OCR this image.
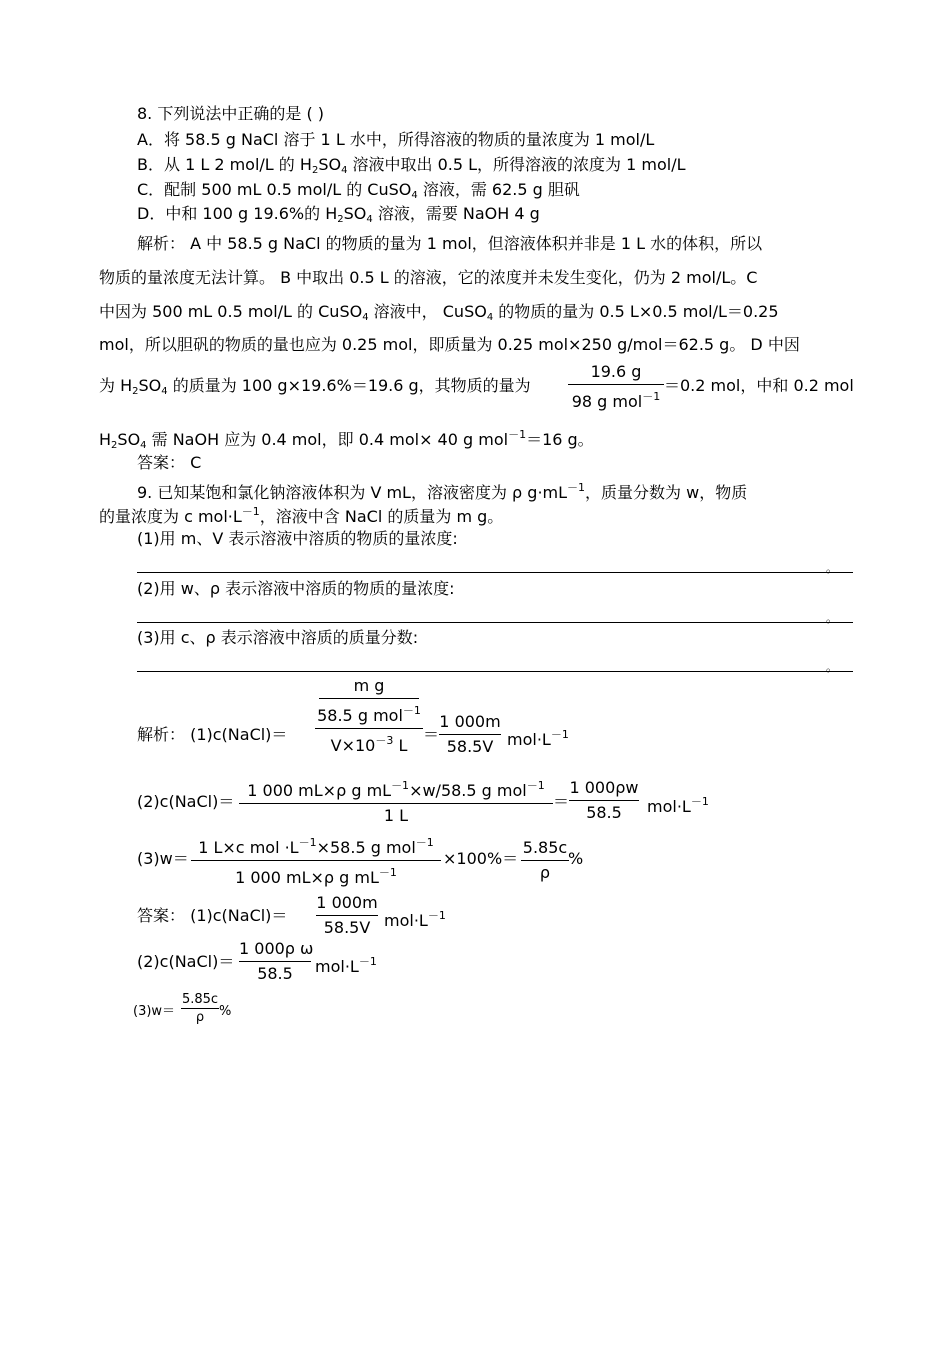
8. 下列说法中正确的是 ( )
A．将 58.5 g NaCl 溶于 1 L 水中，所得溶液的物质的量浓度为 1 mol/L
B．从 1 L 2 mol/L 的 $H_2SO_4$ 溶液中取出 0.5 L，所得溶液的浓度为 1 mol/L
C．配制 500 mL 0.5 mol/L 的 CuSO$_4$ 溶液，需 62.5 g 胆矾
D．中和 100 g 19.6%的 $H_2SO_4$ 溶液，需要 NaOH 4 g
解析： A 中 58.5 g NaCl 的物质的量为 1 mol，但溶液体积并非是 1 L 水的体积，所以
物质的量浓度无法计算。 B 中取出 0.5 L 的溶液，它的浓度并未发生变化，仍为 2 mol/L。C
中因为 500 mL 0.5 mol/L 的 CuSO$_4$ 溶液中， CuSO$_4$ 的物质的量为 0.5 L×0.5 mol/L＝0.25
mol，所以胆矾的物质的量也应为 0.25 mol，即质量为 0.25 mol×250 g/mol＝62.5 g。 D 中因
为 $H_2SO_4$ 的质量为 100 g×19.6%＝19.6 g，其物质的量为
19.6 g
98 g mol$^{-1}$
＝0.2 mol，中和 0.2 mol
$H_2SO_4$ 需 NaOH 应为 0.4 mol，即 0.4 mol× 40 g mol$^{-1}$＝16 g。
答案： C
9. 已知某饱和氯化钠溶液体积为 V mL，溶液密度为 ρ $g\cdot mL^{-1}$，质量分数为 w，物质
的量浓度为 c $mol\cdot L^{-1}$，溶液中含 NaCl 的质量为 m g。
(1)用 m、V 表示溶液中溶质的物质的量浓度:
。
(2)用 w、ρ 表示溶液中溶质的物质的量浓度:
。
(3)用 c、ρ 表示溶液中溶质的质量分数:
。
解析： (1)c(NaCl)＝
m g
58.5 g mol$^{-1}$
$V\times 10^{-3}$ L
＝
1 000m
58.5V $mol\cdot L^{-1}$
(2)c(NaCl)＝
1 000 mL×ρ g $mL^{-1}\times w/58.5$ g mol$^{-1}$
1 L
＝
1 000ρw
58.5	$mol\cdot L^{-1}$
(3)w＝
1 L×c mol $\cdot L^{-1}\times 58.5$ g mol$^{-1}$
1 000 mL×ρ g $mL^{-1}$
×100%＝
5.85c
ρ
%
答案： (1)c(NaCl)＝
1 000m
58.5V $mol\cdot L^{-1}$
(2)c(NaCl)＝
1 000ρ ω
58.5	$mol\cdot L^{-1}$
(3)w＝
5.85c
ρ	%
